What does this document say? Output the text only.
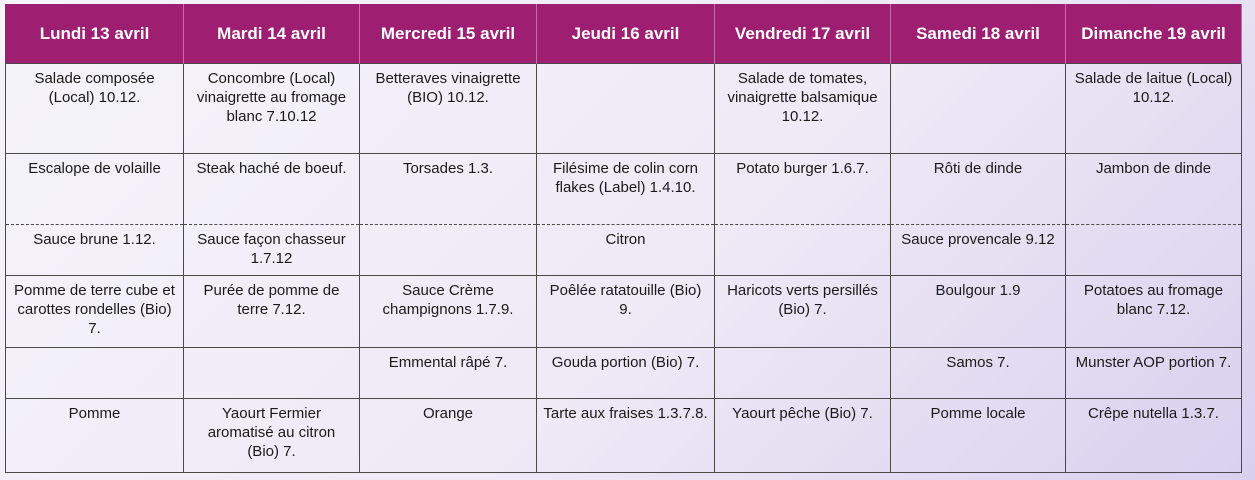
Lundi 13 avril	Mardi 14 avril	Mercredi 15 avril	Jeudi 16 avril	Vendredi 17 avril	Samedi 18 avril	Dimanche 19 avril
Salade composée (Local) 10.12.	Concombre (Local) vinaigrette au fromage blanc 7.10.12	Betteraves vinaigrette (BIO) 10.12.		Salade de tomates, vinaigrette balsamique 10.12.		Salade de laitue (Local) 10.12.
Escalope de volaille	Steak haché de boeuf.	Torsades 1.3.	Filésime de colin corn flakes (Label) 1.4.10.	Potato burger 1.6.7.	Rôti de dinde	Jambon de dinde
Sauce brune 1.12.	Sauce façon chasseur 1.7.12		Citron		Sauce provencale 9.12	
Pomme de terre cube et carottes rondelles (Bio) 7.	Purée de pomme de terre 7.12.	Sauce Crème champignons 1.7.9.	Poêlée ratatouille (Bio) 9.	Haricots verts persillés (Bio) 7.	Boulgour 1.9	Potatoes au fromage blanc 7.12.
		Emmental râpé 7.	Gouda portion (Bio) 7.		Samos 7.	Munster AOP portion 7.
Pomme	Yaourt Fermier aromatisé au citron (Bio) 7.	Orange	Tarte aux fraises 1.3.7.8.	Yaourt pêche (Bio) 7.	Pomme locale	Crêpe nutella 1.3.7.
